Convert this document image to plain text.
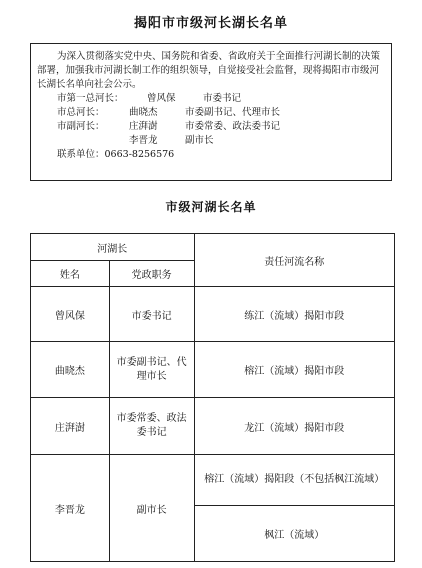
揭阳市市级河长湖长名单

为深入贯彻落实党中央、国务院和省委、省政府关于全面推行河湖长制的决策部署，加强我市河湖长制工作的组织领导，自觉接受社会监督，现将揭阳市市级河长湖长名单向社会公示。

市第一总河长： 曾风保	市委书记

市总河长：	曲晓杰	市委副书记、代理市长

市副河长：	庄湃澍	市委常委、政法委书记

李晋龙	副市长

联系单位：0663-8256576

市级河湖长名单
河湖长		责任河流名称
姓名	党政职务	
曾风保	市委书记	练江（流域）揭阳市段
曲晓杰	市委副书记、代理市长	榕江（流域）揭阳市段
庄湃澍	市委常委、政法委书记	龙江（流域）揭阳市段
李晋龙	副市长	榕江（流域）揭阳段（不包括枫江流域）
		枫江（流域）
